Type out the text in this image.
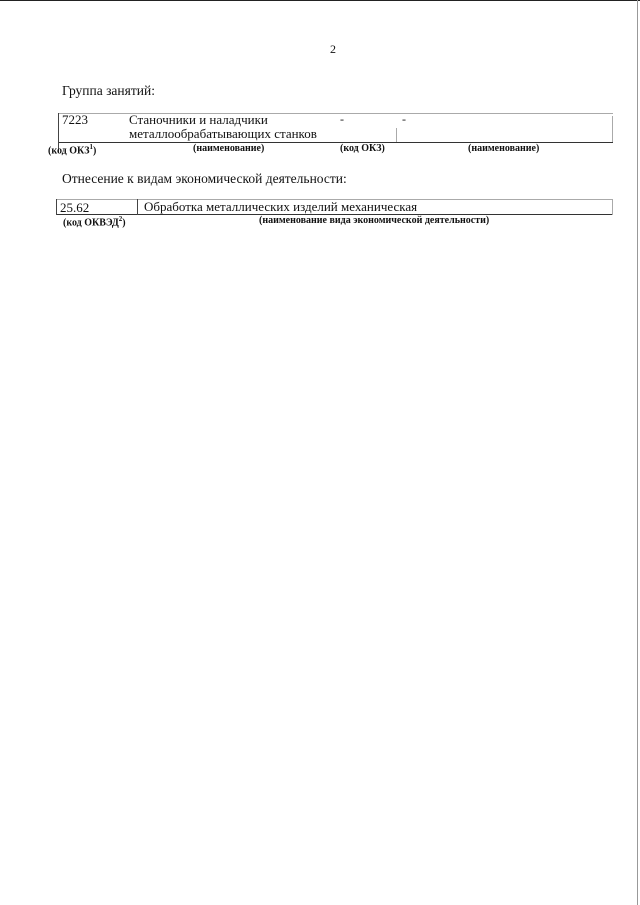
2
Группа занятий:
7223	Станочники и наладчики
металлообрабатывающих станков
-	-
(код ОКЗ$^1$)	(наименование)	(код ОКЗ)	(наименование)
Отнесение к видам экономической деятельности:
25.62	Обработка металлических изделий механическая
(код ОКВЭД$^2$)	(наименование вида экономической деятельности)
